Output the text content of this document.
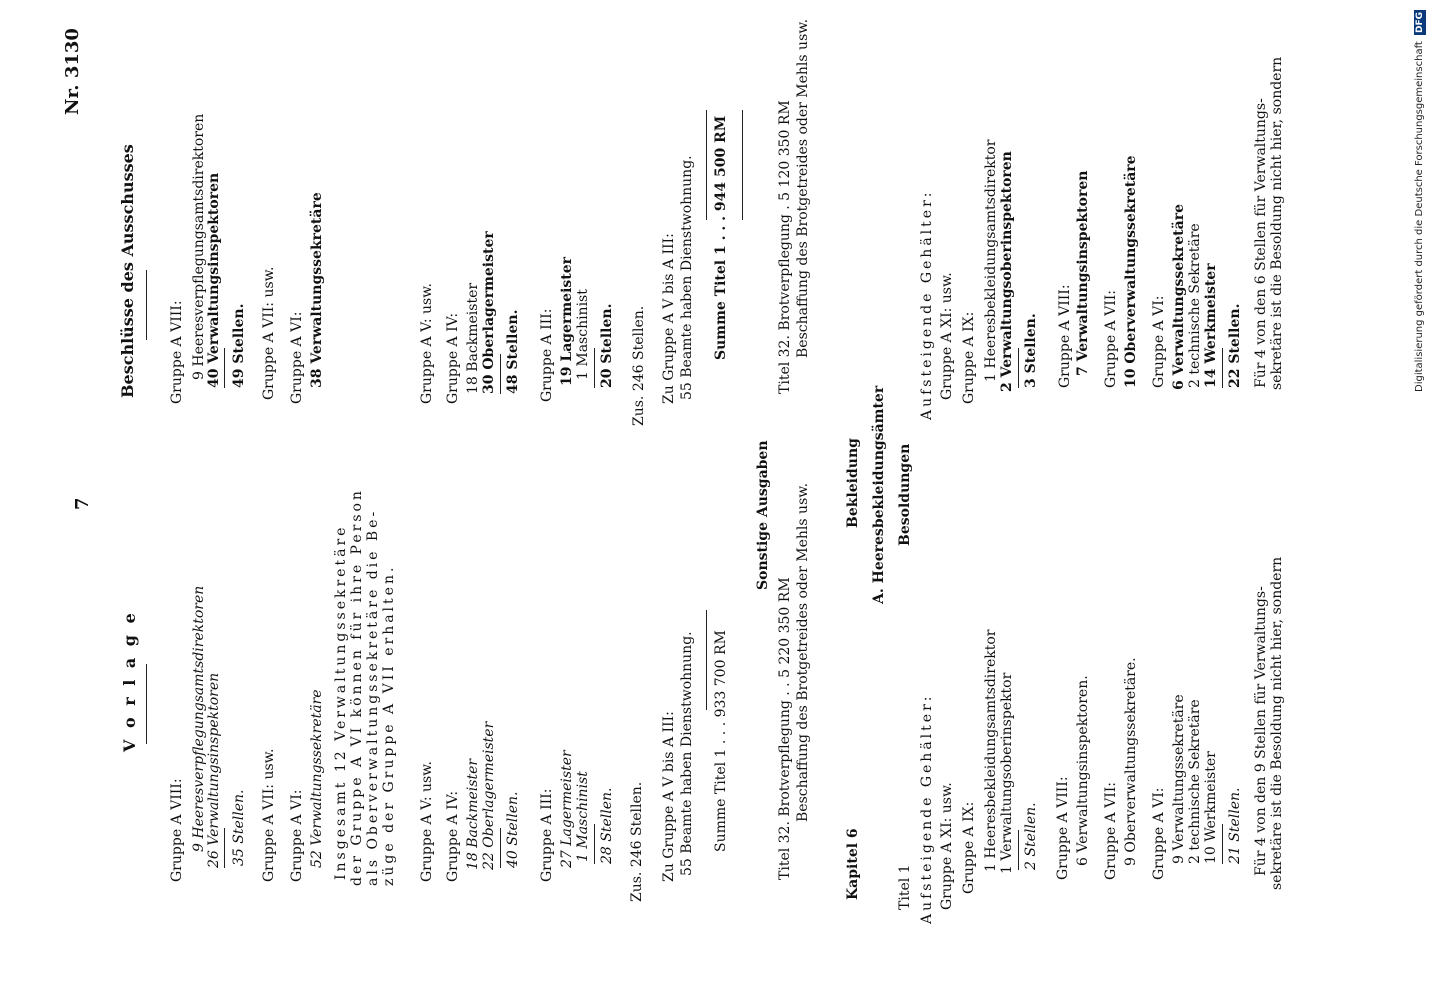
Nr. 3130
7
V o r l a g e
Beschlüsse des Ausschusses
Gruppe A VIII: 9 Heeresverpflegungsamtsdirektoren 26 Verwaltungsinspektoren 35 Stellen. Gruppe A VII: usw. Gruppe A VI: 52 Verwaltungssekretäre Insgesamt 12 Verwaltungssekretäre der Gruppe A VI können für ihre Person als Oberverwaltungssekretäre die Be- züge der Gruppe A VII erhalten. Gruppe A V: usw. Gruppe A IV: 18 Backmeister 22 Oberlagermeister 40 Stellen. Gruppe A III: 27 Lagermeister 1 Maschinist 28 Stellen. Zus. 246 Stellen. Zu Gruppe A V bis A III: 55 Beamte haben Dienstwohnung. Summe Titel 1 . . . 933 700 RM
Sonstige Ausgaben
Titel 32. Brotverpflegung . . 5 220 350 RM Beschaffung des Brotgetreides oder Mehls usw.
Gruppe A VIII: 9 Heeresverpflegungsamtsdirektoren 40 Verwaltungsinspektoren 49 Stellen. Gruppe A VII: usw. Gruppe A VI: 38 Verwaltungssekretäre	Gruppe A V: usw. Gruppe A IV: 18 Backmeister 30 Oberlagermeister 48 Stellen. Gruppe A III: 19 Lagermeister 1 Maschinist 20 Stellen. Zus. 246 Stellen. Zu Gruppe A V bis A III: 55 Beamte haben Dienstwohnung. Summe Titel 1 . . . 944 500 RM	Titel 32. Brotverpflegung . 5 120 350 RM Beschaffung des Brotgetreides oder Mehls usw.
Kapitel 6
Bekleidung A. Heeresbekleidungsämter Besoldungen
Titel 1 Aufsteigende Gehälter: Gruppe A XI: usw. Gruppe A IX: 1 Heeresbekleidungsamtsdirektor 1 Verwaltungsoberinspektor 2 Stellen. Gruppe A VIII: 6 Verwaltungsinspektoren. Gruppe A VII: 9 Oberverwaltungssekretäre. Gruppe A VI: 9 Verwaltungssekretäre 2 technische Sekretäre 10 Werkmeister 21 Stellen. Für 4 von den 9 Stellen für Verwaltungs- sekretäre ist die Besoldung nicht hier, sondern
Aufsteigende Gehälter: Gruppe A XI: usw. Gruppe A IX: 1 Heeresbekleidungsamtsdirektor 2 Verwaltungsoberinspektoren 3 Stellen. Gruppe A VIII: 7 Verwaltungsinspektoren Gruppe A VII: 10 Oberverwaltungssekretäre Gruppe A VI: 6 Verwaltungssekretäre 2 technische Sekretäre 14 Werkmeister 22 Stellen. Für 4 von den 6 Stellen für Verwaltungs- sekretäre ist die Besoldung nicht hier, sondern	Digitalisierung gefördert durch die Deutsche Forschungsgemeinschaft DFG
